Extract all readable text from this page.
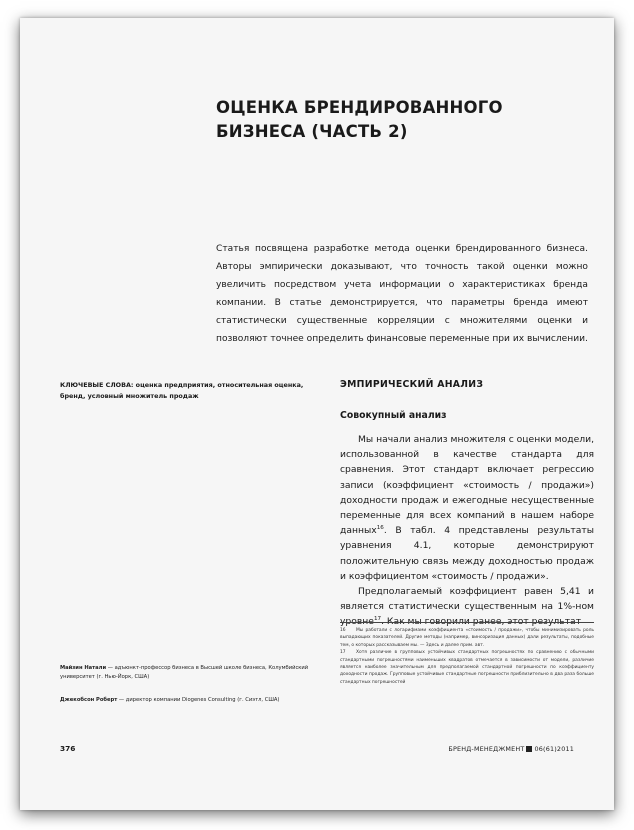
ОЦЕНКА БРЕНДИРОВАННОГО БИЗНЕСА (ЧАСТЬ 2)
Статья посвящена разработке метода оценки брендированного бизнеса. Авторы эмпирически доказывают, что точность такой оценки можно увеличить посредством учета информации о характеристиках бренда компании. В статье демонстрируется, что параметры бренда имеют статистически существенные корреляции с множителями оценки и позволяют точнее определить финансовые переменные при их вычислении.
КЛЮЧЕВЫЕ СЛОВА: оценка предприятия, относительная оценка, бренд, условный множитель продаж
ЭМПИРИЧЕСКИЙ АНАЛИЗ
Совокупный анализ

Мы начали анализ множителя с оценки модели, использованной в качестве стандарта для сравнения. Этот стандарт включает регрессию записи (коэффициент «стоимость / продажи») доходности продаж и ежегодные несущественные переменные для всех компаний в нашем наборе данных$^{16}$. В табл. 4 представлены результаты уравнения 4.1, которые демонстрируют положительную связь между доходностью продаж и коэффициентом «стоимость / продажи».

Предполагаемый коэффициент равен 5,41 и является статистически существенным на 1%-ном уровне$^{17}$. Как мы говорили ранее, этот результат

16 Мы работали с логарифмами коэффициента «стоимость / продажи», чтобы минимизировать роль выпадающих показателей. Другие методы (например, винсоризация данных) дали результаты, подобные тем, о которых рассказываем мы. — Здесь и далее прим. авт.

17 Хотя различие в групповых устойчивых стандартных погрешностях по сравнению с обычными стандартными погрешностями наименьших квадратов отмечается в зависимости от модели, различие является наиболее значительным для предполагаемой стандартной погрешности по коэффициенту доходности продаж. Групповые устойчивые стандартные погрешности приблизительно в два раза больше стандартных погрешностей

Майзин Натали — адъюнкт-профессор бизнеса в Высшей школе бизнеса, Колумбийский университет (г. Нью-Йорк, США)

Джекобсон Роберт — директор компании Diogenes Consulting (г. Сиэтл, США)

376	БРЕНД-МЕНЕДЖМЕНТ 06(61)2011
